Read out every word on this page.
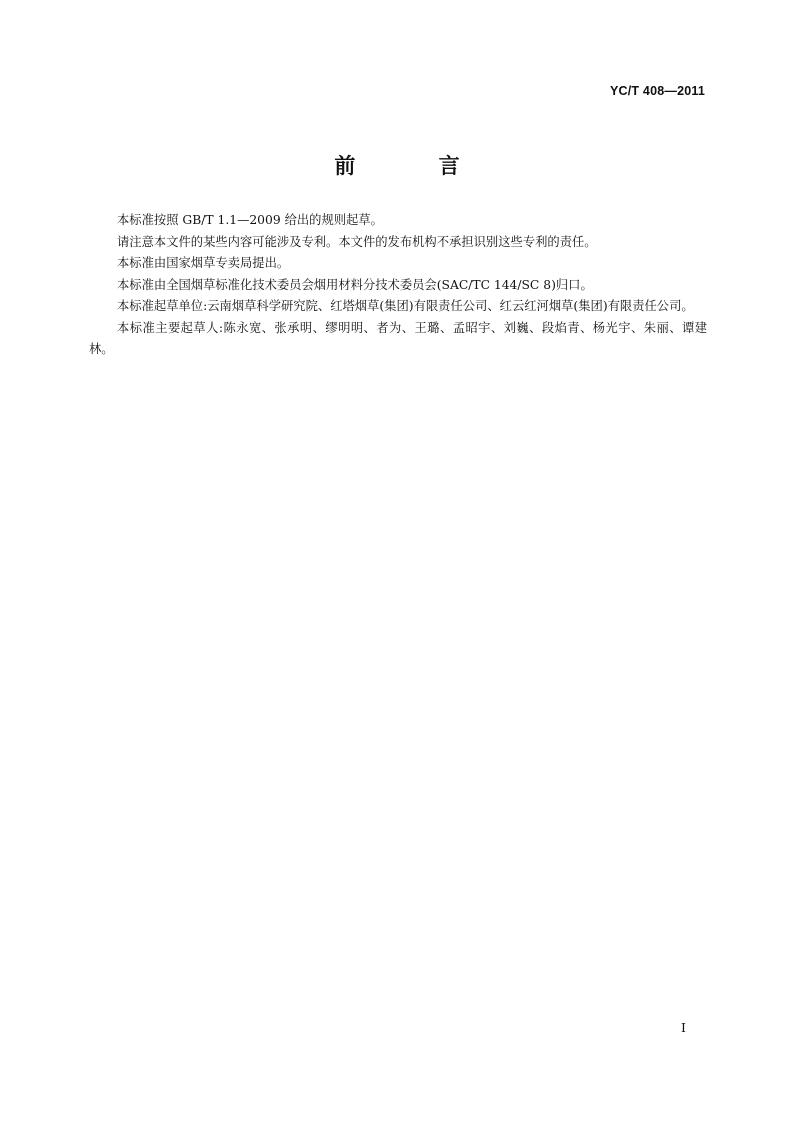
YC/T 408—2011
前 言

本标准按照 GB/T 1.1—2009 给出的规则起草。

请注意本文件的某些内容可能涉及专利。本文件的发布机构不承担识别这些专利的责任。

本标准由国家烟草专卖局提出。

本标准由全国烟草标准化技术委员会烟用材料分技术委员会(SAC/TC 144/SC 8)归口。

本标准起草单位:云南烟草科学研究院、红塔烟草(集团)有限责任公司、红云红河烟草(集团)有限责任公司。

本标准主要起草人:陈永宽、张承明、缪明明、者为、王璐、孟昭宇、刘巍、段焰青、杨光宇、朱丽、谭建林。

I
